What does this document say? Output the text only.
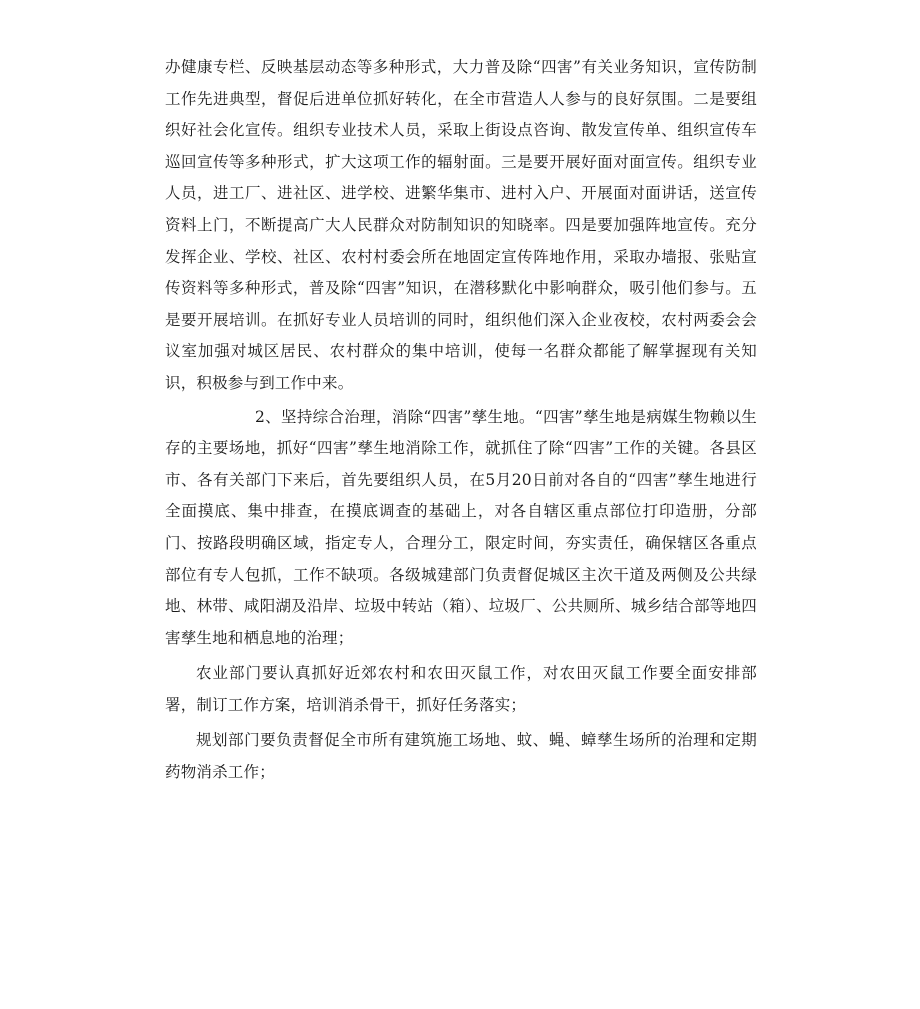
办健康专栏、反映基层动态等多种形式，大力普及除“四害”有关业务知识，宣传防制工作先进典型，督促后进单位抓好转化，在全市营造人人参与的良好氛围。二是要组织好社会化宣传。组织专业技术人员，采取上街设点咨询、散发宣传单、组织宣传车巡回宣传等多种形式，扩大这项工作的辐射面。三是要开展好面对面宣传。组织专业人员，进工厂、进社区、进学校、进繁华集市、进村入户、开展面对面讲话，送宣传资料上门，不断提高广大人民群众对防制知识的知晓率。四是要加强阵地宣传。充分发挥企业、学校、社区、农村村委会所在地固定宣传阵地作用，采取办墙报、张贴宣传资料等多种形式，普及除“四害”知识，在潜移默化中影响群众，吸引他们参与。五是要开展培训。在抓好专业人员培训的同时，组织他们深入企业夜校，农村两委会会议室加强对城区居民、农村群众的集中培训，使每一名群众都能了解掌握现有关知识，积极参与到工作中来。

2、坚持综合治理，消除“四害”孳生地。“四害”孳生地是病媒生物赖以生存的主要场地，抓好“四害”孳生地消除工作，就抓住了除“四害”工作的关键。各县区市、各有关部门下来后，首先要组织人员，在5月20日前对各自的“四害”孳生地进行全面摸底、集中排查，在摸底调查的基础上，对各自辖区重点部位打印造册，分部门、按路段明确区域，指定专人，合理分工，限定时间，夯实责任，确保辖区各重点部位有专人包抓，工作不缺项。各级城建部门负责督促城区主次干道及两侧及公共绿地、林带、咸阳湖及沿岸、垃圾中转站（箱）、垃圾厂、公共厕所、城乡结合部等地四害孳生地和栖息地的治理；

农业部门要认真抓好近郊农村和农田灭鼠工作，对农田灭鼠工作要全面安排部署，制订工作方案，培训消杀骨干，抓好任务落实；

规划部门要负责督促全市所有建筑施工场地、蚊、蝇、蟑孳生场所的治理和定期药物消杀工作；
